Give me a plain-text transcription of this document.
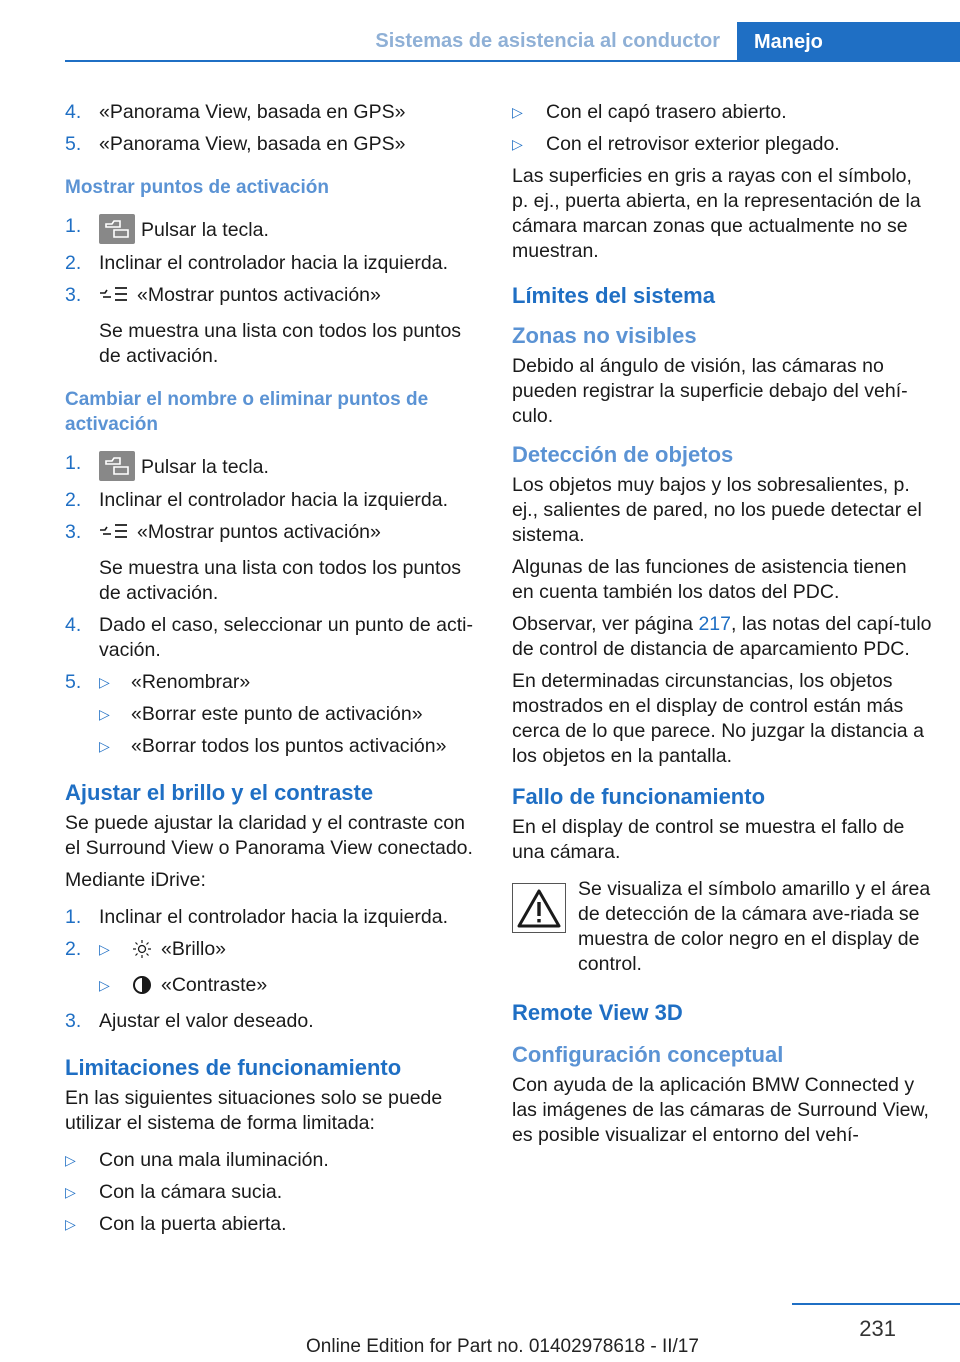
Sistemas de asistencia al conductor	Manejo
4. «Panorama View, basada en GPS»
5. «Panorama View, basada en GPS»
Mostrar puntos de activación
1.	Pulsar la tecla.
2. Inclinar el controlador hacia la izquierda.
3.	«Mostrar puntos activación»
Se muestra una lista con todos los puntos de activación.
Cambiar el nombre o eliminar puntos de activación
1.	Pulsar la tecla.
2. Inclinar el controlador hacia la izquierda.
3.	«Mostrar puntos activación»
Se muestra una lista con todos los puntos de activación.
4. Dado el caso, seleccionar un punto de acti‐vación.
5. ▷ «Renombrar»
▷ «Borrar este punto de activación»
▷ «Borrar todos los puntos activación»
Ajustar el brillo y el contraste

Se puede ajustar la claridad y el contraste con el Surround View o Panorama View conectado.

Mediante iDrive:

1. Inclinar el controlador hacia la izquierda.
2. ▷	«Brillo»
▷	«Contraste»
3. Ajustar el valor deseado.
Limitaciones de funcionamiento

En las siguientes situaciones solo se puede utilizar el sistema de forma limitada:

▷ Con una mala iluminación.
▷ Con la cámara sucia.
▷ Con la puerta abierta.
▷ Con el capó trasero abierto.
▷ Con el retrovisor exterior plegado.

Las superficies en gris a rayas con el símbolo, p. ej., puerta abierta, en la representación de la cámara marcan zonas que actualmente no se muestran.

Límites del sistema
Zonas no visibles

Debido al ángulo de visión, las cámaras no pueden registrar la superficie debajo del vehí‐culo.

Detección de objetos

Los objetos muy bajos y los sobresalientes, p. ej., salientes de pared, no los puede detectar el sistema.

Algunas de las funciones de asistencia tienen en cuenta también los datos del PDC.

Observar, ver página 217, las notas del capí‐tulo de control de distancia de aparcamiento PDC.

En determinadas circunstancias, los objetos mostrados en el display de control están más cerca de lo que parece. No juzgar la distancia a los objetos en la pantalla.

Fallo de funcionamiento

En el display de control se muestra el fallo de una cámara.

Se visualiza el símbolo amarillo y el área de detección de la cámara ave‐riada se muestra de color negro en el display de control.
Remote View 3D
Configuración conceptual

Con ayuda de la aplicación BMW Connected y las imágenes de las cámaras de Surround View, es posible visualizar el entorno del vehí‐

231
Online Edition for Part no. 01402978618 - II/17
